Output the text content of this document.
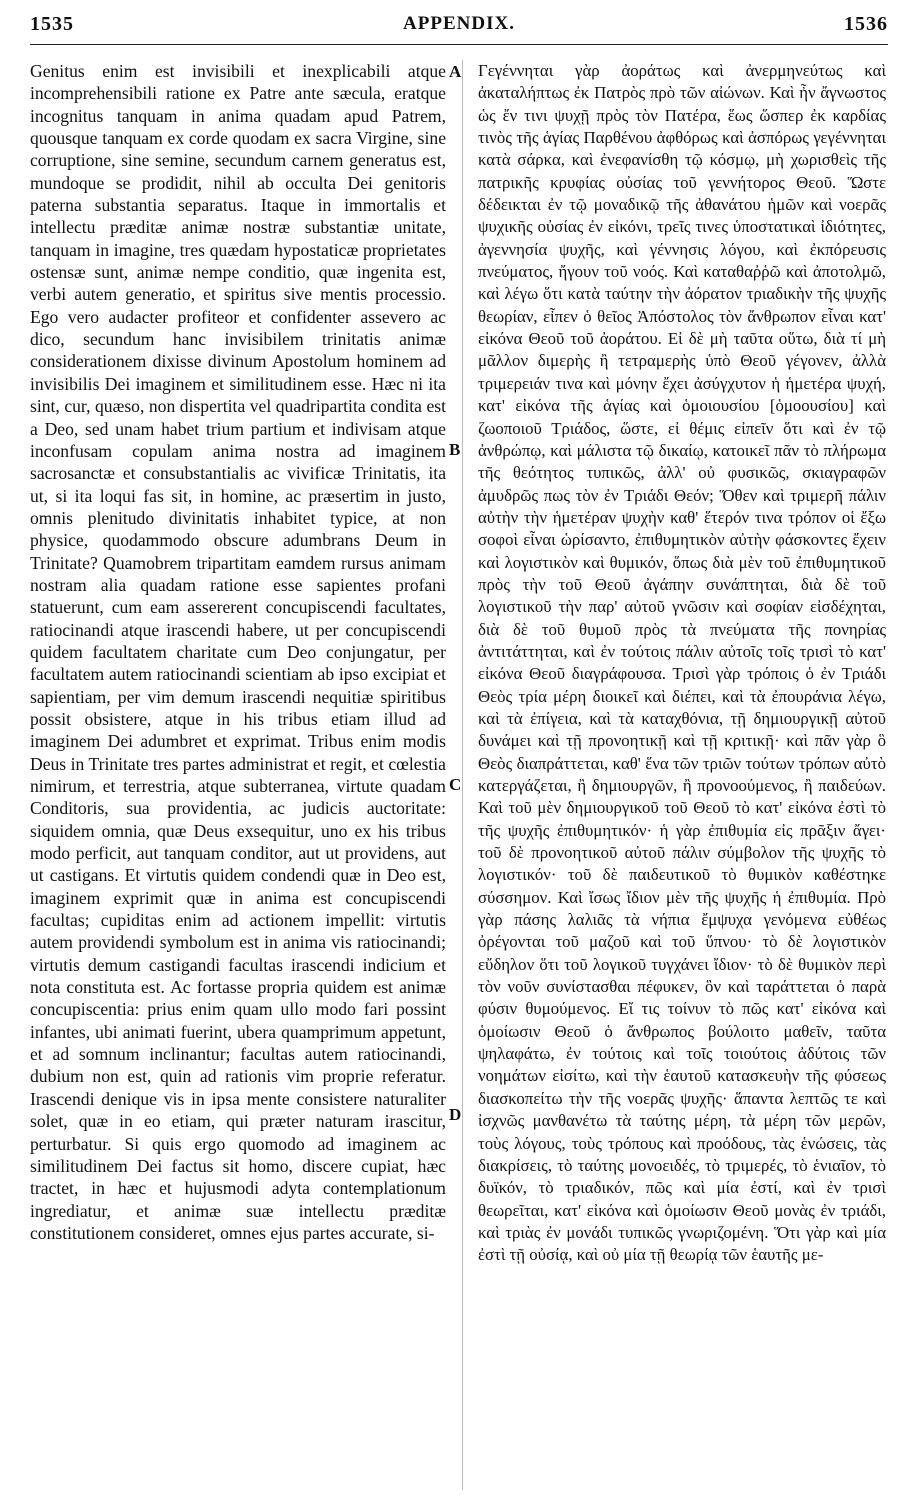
1535	APPENDIX.	1536

Genitus enim est invisibili et inexplicabili atque incomprehensibili ratione ex Patre ante sæcula, eratque incognitus tanquam in anima quadam apud Patrem, quousque tanquam ex corde quodam ex sacra Virgine, sine corruptione, sine semine, secundum carnem generatus est, mundoque se prodidit, nihil ab occulta Dei genitoris paterna substantia separatus. Itaque in immortalis et intellectu præditæ animæ nostræ substantiæ unitate, tanquam in imagine, tres quædam hypostaticæ proprietates ostensæ sunt, animæ nempe conditio, quæ ingenita est, verbi autem generatio, et spiritus sive mentis processio. Ego vero audacter profiteor et confidenter assevero ac dico, secundum hanc invisibilem trinitatis animæ considerationem dixisse divinum Apostolum hominem ad invisibilis Dei imaginem et similitudinem esse. Hæc ni ita sint, cur, quæso, non dispertita vel quadripartita condita est a Deo, sed unam habet trium partium et indivisam atque inconfusam copulam anima nostra ad imaginem sacrosanctæ et consubstantialis ac vivificæ Trinitatis, ita ut, si ita loqui fas sit, in homine, ac præsertim in justo, omnis plenitudo divinitatis inhabitet typice, at non physice, quodammodo obscure adumbrans Deum in Trinitate? Quamobrem tripartitam eamdem rursus animam nostram alia quadam ratione esse sapientes profani statuerunt, cum eam assererent concupiscendi facultates, ratiocinandi atque irascendi habere, ut per concupiscendi quidem facultatem charitate cum Deo conjungatur, per facultatem autem ratiocinandi scientiam ab ipso excipiat et sapientiam, per vim demum irascendi nequitiæ spiritibus possit obsistere, atque in his tribus etiam illud ad imaginem Dei adumbret et exprimat. Tribus enim modis Deus in Trinitate tres partes administrat et regit, et cœlestia nimirum, et terrestria, atque subterranea, virtute quadam Conditoris, sua providentia, ac judicis auctoritate: siquidem omnia, quæ Deus exsequitur, uno ex his tribus modo perficit, aut tanquam conditor, aut ut providens, aut ut castigans. Et virtutis quidem condendi quæ in Deo est, imaginem exprimit quæ in anima est concupiscendi facultas; cupiditas enim ad actionem impellit: virtutis autem providendi symbolum est in anima vis ratiocinandi; virtutis demum castigandi facultas irascendi indicium et nota constituta est. Ac fortasse propria quidem est animæ concupiscentia: prius enim quam ullo modo fari possint infantes, ubi animati fuerint, ubera quamprimum appetunt, et ad somnum inclinantur; facultas autem ratiocinandi, dubium non est, quin ad rationis vim proprie referatur. Irascendi denique vis in ipsa mente consistere naturaliter solet, quæ in eo etiam, qui præter naturam irascitur, perturbatur. Si quis ergo quomodo ad imaginem ac similitudinem Dei factus sit homo, discere cupiat, hæc tractet, in hæc et hujusmodi adyta contemplationum ingrediatur, et animæ suæ intellectu præditæ constitutionem consideret, omnes ejus partes accurate, si-

A
B
C
D

Γεγέννηται γὰρ ἀοράτως καὶ ἀνερμηνεύτως καὶ ἀκαταλήπτως ἐκ Πατρὸς πρὸ τῶν αἰώνων. Καὶ ἦν ἄγνωστος ὡς ἔν τινι ψυχῇ πρὸς τὸν Πατέρα, ἕως ὥσπερ ἐκ καρδίας τινὸς τῆς ἁγίας Παρθένου ἀφθόρως καὶ ἀσπόρως γεγέννηται κατὰ σάρκα, καὶ ἐνεφανίσθη τῷ κόσμῳ, μὴ χωρισθεὶς τῆς πατρικῆς κρυφίας οὐσίας τοῦ γεννήτορος Θεοῦ. Ὥστε δέδεικται ἐν τῷ μοναδικῷ τῆς ἀθανάτου ἡμῶν καὶ νοερᾶς ψυχικῆς οὐσίας ἐν εἰκόνι, τρεῖς τινες ὑποστατικαὶ ἰδιότητες, ἀγεννησία ψυχῆς, καὶ γέννησις λόγου, καὶ ἐκπόρευσις πνεύματος, ἤγουν τοῦ νοός. Καὶ καταθαῤῥῶ καὶ ἀποτολμῶ, καὶ λέγω ὅτι κατὰ ταύτην τὴν ἀόρατον τριαδικὴν τῆς ψυχῆς θεωρίαν, εἶπεν ὁ θεῖος Ἀπόστολος τὸν ἄνθρωπον εἶναι κατ' εἰκόνα Θεοῦ τοῦ ἀοράτου. Εἰ δὲ μὴ ταῦτα οὕτω, διὰ τί μὴ μᾶλλον διμερὴς ἢ τετραμερὴς ὑπὸ Θεοῦ γέγονεν, ἀλλὰ τριμερειάν τινα καὶ μόνην ἔχει ἀσύγχυτον ἡ ἡμετέρα ψυχή, κατ' εἰκόνα τῆς ἁγίας καὶ ὁμοιουσίου [ὁμοουσίου] καὶ ζωοποιοῦ Τριάδος, ὥστε, εἰ θέμις εἰπεῖν ὅτι καὶ ἐν τῷ ἀνθρώπῳ, καὶ μάλιστα τῷ δικαίῳ, κατοικεῖ πᾶν τὸ πλήρωμα τῆς θεότητος τυπικῶς, ἀλλ' οὐ φυσικῶς, σκιαγραφῶν ἀμυδρῶς πως τὸν ἐν Τριάδι Θεόν; Ὅθεν καὶ τριμερῆ πάλιν αὐτὴν τὴν ἡμετέραν ψυχὴν καθ' ἕτερόν τινα τρόπον οἱ ἔξω σοφοὶ εἶναι ὡρίσαντο, ἐπιθυμητικὸν αὐτὴν φάσκοντες ἔχειν καὶ λογιστικὸν καὶ θυμικόν, ὅπως διὰ μὲν τοῦ ἐπιθυμητικοῦ πρὸς τὴν τοῦ Θεοῦ ἀγάπην συνάπτηται, διὰ δὲ τοῦ λογιστικοῦ τὴν παρ' αὐτοῦ γνῶσιν καὶ σοφίαν εἰσδέχηται, διὰ δὲ τοῦ θυμοῦ πρὸς τὰ πνεύματα τῆς πονηρίας ἀντιτάττηται, καὶ ἐν τούτοις πάλιν αὐτοῖς τοῖς τρισὶ τὸ κατ' εἰκόνα Θεοῦ διαγράφουσα. Τρισὶ γὰρ τρόποις ὁ ἐν Τριάδι Θεὸς τρία μέρη διοικεῖ καὶ διέπει, καὶ τὰ ἐπουράνια λέγω, καὶ τὰ ἐπίγεια, καὶ τὰ καταχθόνια, τῇ δημιουργικῇ αὐτοῦ δυνάμει καὶ τῇ προνοητικῇ καὶ τῇ κριτικῇ· καὶ πᾶν γὰρ ὃ Θεὸς διαπράττεται, καθ' ἕνα τῶν τριῶν τούτων τρόπων αὐτὸ κατεργάζεται, ἢ δημιουργῶν, ἢ προνοούμενος, ἢ παιδεύων. Καὶ τοῦ μὲν δημιουργικοῦ τοῦ Θεοῦ τὸ κατ' εἰκόνα ἐστὶ τὸ τῆς ψυχῆς ἐπιθυμητικόν· ἡ γὰρ ἐπιθυμία εἰς πρᾶξιν ἄγει· τοῦ δὲ προνοητικοῦ αὐτοῦ πάλιν σύμβολον τῆς ψυχῆς τὸ λογιστικόν· τοῦ δὲ παιδευτικοῦ τὸ θυμικὸν καθέστηκε σύσσημον. Καὶ ἴσως ἴδιον μὲν τῆς ψυχῆς ἡ ἐπιθυμία. Πρὸ γὰρ πάσης λαλιᾶς τὰ νήπια ἔμψυχα γενόμενα εὐθέως ὀρέγονται τοῦ μαζοῦ καὶ τοῦ ὕπνου· τὸ δὲ λογιστικὸν εὔδηλον ὅτι τοῦ λογικοῦ τυγχάνει ἴδιον· τὸ δὲ θυμικὸν περὶ τὸν νοῦν συνίστασθαι πέφυκεν, ὃν καὶ ταράττεται ὁ παρὰ φύσιν θυμούμενος. Εἴ τις τοίνυν τὸ πῶς κατ' εἰκόνα καὶ ὁμοίωσιν Θεοῦ ὁ ἄνθρωπος βούλοιτο μαθεῖν, ταῦτα ψηλαφάτω, ἐν τούτοις καὶ τοῖς τοιούτοις ἀδύτοις τῶν νοημάτων εἰσίτω, καὶ τὴν ἑαυτοῦ κατασκευὴν τῆς φύσεως διασκοπείτω τὴν τῆς νοερᾶς ψυχῆς· ἅπαντα λεπτῶς τε καὶ ἰσχνῶς μανθανέτω τὰ ταύτης μέρη, τὰ μέρη τῶν μερῶν, τοὺς λόγους, τοὺς τρόπους καὶ προόδους, τὰς ἑνώσεις, τὰς διακρίσεις, τὸ ταύτης μονοειδές, τὸ τριμερές, τὸ ἑνιαῖον, τὸ δυϊκόν, τὸ τριαδικόν, πῶς καὶ μία ἐστί, καὶ ἐν τρισὶ θεωρεῖται, κατ' εἰκόνα καὶ ὁμοίωσιν Θεοῦ μονὰς ἐν τριάδι, καὶ τριὰς ἐν μονάδι τυπικῶς γνωριζομένη. Ὅτι γὰρ καὶ μία ἐστὶ τῇ οὐσίᾳ, καὶ οὐ μία τῇ θεωρίᾳ τῶν ἑαυτῆς με-
